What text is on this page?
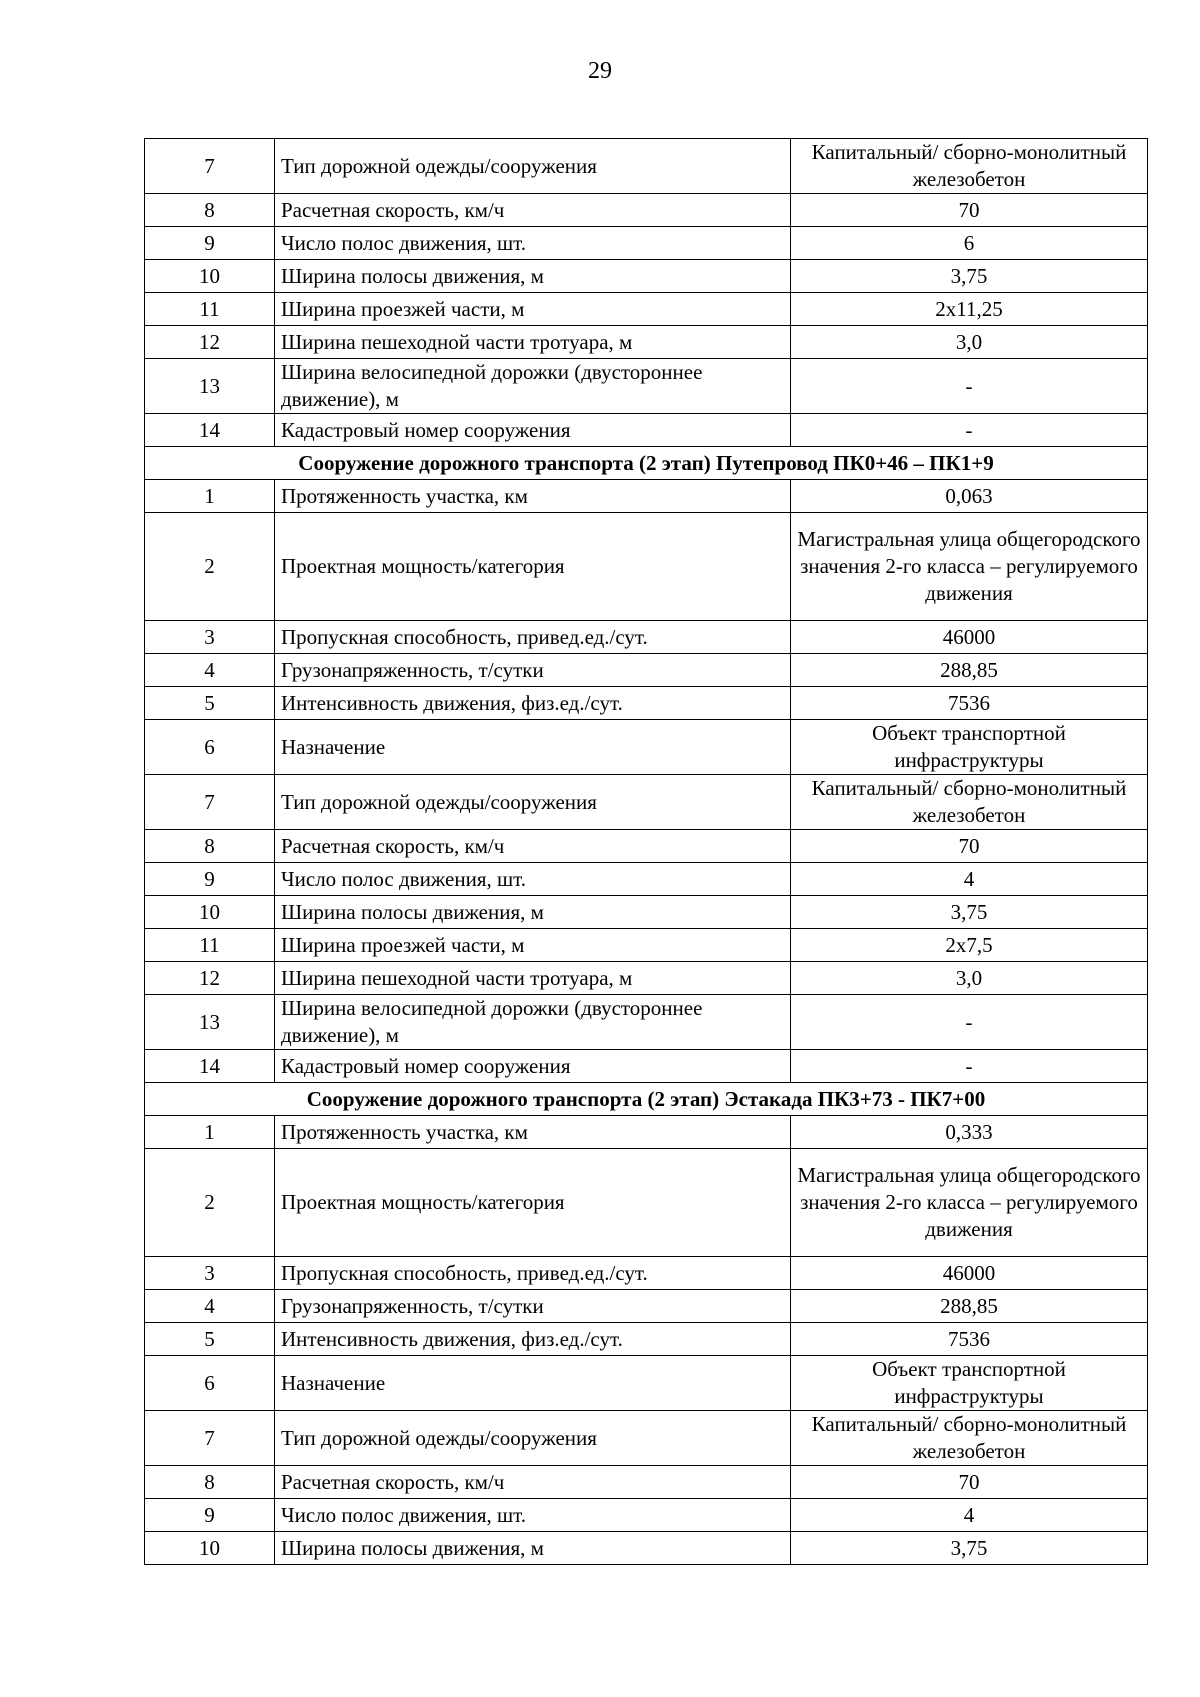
29
7	Тип дорожной одежды/сооружения	Капитальный/ сборно-монолитный железобетон
8	Расчетная скорость, км/ч	70
9	Число полос движения, шт.	6
10	Ширина полосы движения, м	3,75
11	Ширина проезжей части, м	2x11,25
12	Ширина пешеходной части тротуара, м	3,0
13	Ширина велосипедной дорожки (двустороннее движение), м	-
14	Кадастровый номер сооружения	-
Сооружение дорожного транспорта (2 этап) Путепровод ПК0+46 – ПК1+9		
1	Протяженность участка, км	0,063
2	Проектная мощность/категория	Магистральная улица общегородского значения 2-го класса – регулируемого движения
3	Пропускная способность, привед.ед./сут.	46000
4	Грузонапряженность, т/сутки	288,85
5	Интенсивность движения, физ.ед./сут.	7536
6	Назначение	Объект транспортной инфраструктуры
7	Тип дорожной одежды/сооружения	Капитальный/ сборно-монолитный железобетон
8	Расчетная скорость, км/ч	70
9	Число полос движения, шт.	4
10	Ширина полосы движения, м	3,75
11	Ширина проезжей части, м	2x7,5
12	Ширина пешеходной части тротуара, м	3,0
13	Ширина велосипедной дорожки (двустороннее движение), м	-
14	Кадастровый номер сооружения	-
Сооружение дорожного транспорта (2 этап) Эстакада ПК3+73 - ПК7+00		
1	Протяженность участка, км	0,333
2	Проектная мощность/категория	Магистральная улица общегородского значения 2-го класса – регулируемого движения
3	Пропускная способность, привед.ед./сут.	46000
4	Грузонапряженность, т/сутки	288,85
5	Интенсивность движения, физ.ед./сут.	7536
6	Назначение	Объект транспортной инфраструктуры
7	Тип дорожной одежды/сооружения	Капитальный/ сборно-монолитный железобетон
8	Расчетная скорость, км/ч	70
9	Число полос движения, шт.	4
10	Ширина полосы движения, м	3,75
